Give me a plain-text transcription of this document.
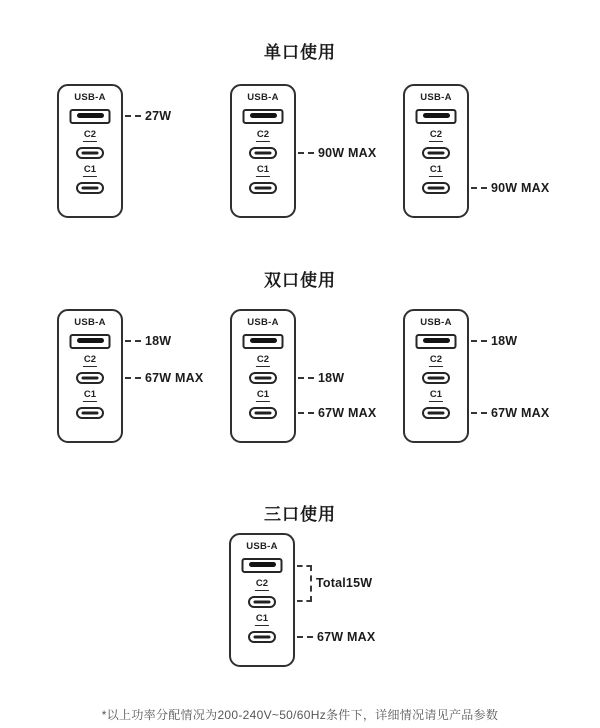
单口使用
USB-A
C2
C1
27W
USB-A
C2
C1
90W MAX
USB-A
C2
C1
90W MAX
双口使用
USB-A
C2
C1
18W
67W MAX
USB-A
C2
C1
18W
67W MAX
USB-A
C2
C1
18W
67W MAX
三口使用
USB-A
C2
C1
Total15W
67W MAX
*以上功率分配情况为200-240V~50/60Hz条件下，详细情况请见产品参数
